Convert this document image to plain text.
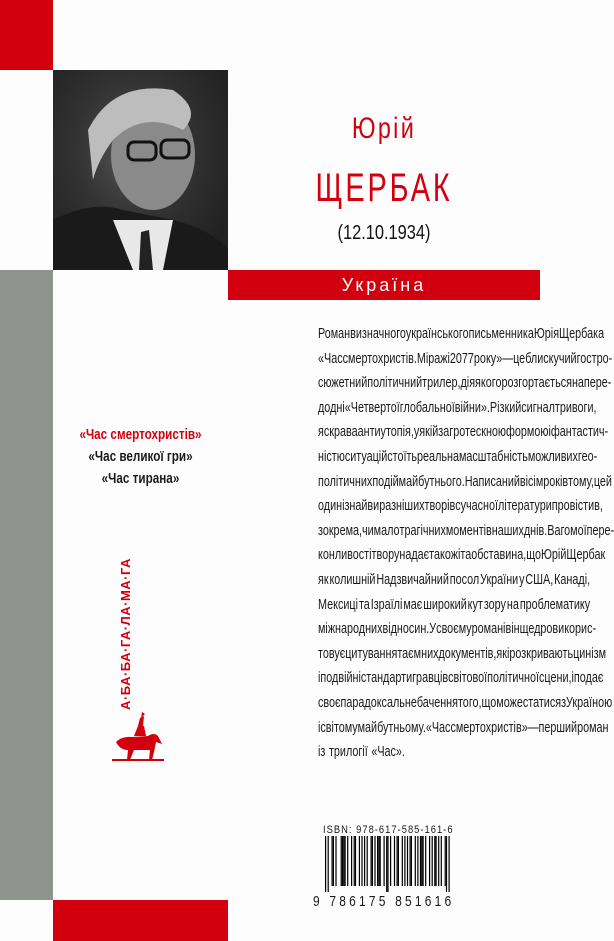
Юрій
ЩЕРБАК
(12.10.1934)
Україна
«Час смертохристів»
«Час великої гри»
«Час тирана»
Роман визначного українського письменника Юрія Щербака
«Час смертохристів. Міражі 2077 року» — це блискучий гостро-
сюжетний політичний трилер, дія якого розгортається напере-
додні «Четвертої глобальної війни». Різкий сигнал тривоги,
яскрава антиутопія, у якій за гротескною формою і фантастич-
ністю ситуацій стоїть реальна масштабність можливих гео-
політичних подій майбутнього. Написаний вісім років тому, цей
один із найвиразніших творів сучасної літератури провістив,
зокрема, чимало трагічних моментів наших днів. Вагомої пере-
конливості твору надає також і та обставина, що Юрій Щербак
як колишній Надзвичайний посол України у США, Канаді,
Мексиці та Ізраїлі має широкий кут зору на проблематику
міжнародних відносин. У своєму романі він щедро викорис-
товує цитування таємних документів, які розкривають цинізм
і подвійні стандарти гравців світової політичної сцени, і подає
своє парадоксальне бачення того, що може статися з Україною
і світом у майбутньому. «Час смертохристів» — перший роман
із трилогії «Час».
А·БА·БА·ГА·ЛА·МА·ГА
ISBN: 978-617-585-161-6
9 786175 851616
